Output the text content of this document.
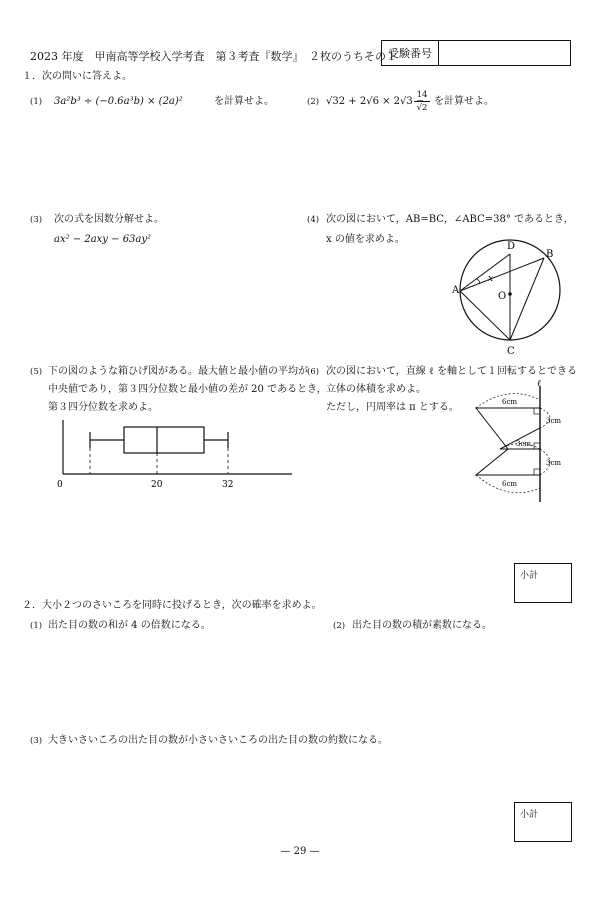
2023 年度　甲南高等学校入学考査　第３考査『数学』　２枚のうちその１
受験番号
１．次の問いに答えよ。
(1) 3a²b³ ÷ (−0.6a³b) × (2a)²	を計算せよ。	(2) √32 + 2√6 × 2√3 −
$\frac{14}{√2}$ を計算せよ。
(3) 次の式を因数分解せよ。
ax² − 2axy − 63ay²
(4) 次の図において，AB=BC，∠ABC=38° であるとき，
x の値を求めよ。
x
A
B
C
D
O
(5) 下の図のような箱ひげ図がある。最大値と最小値の平均が
中央値であり，第３四分位数と最小値の差が 20 であるとき，
第３四分位数を求めよ。
0	20	32
(6) 次の図において，直線 ℓ を軸として１回転するとできる
立体の体積を求めよ。
ただし，円周率は π とする。
ℓ
6cm
3cm
3cm
3cm
6cm
小計
２．大小２つのさいころを同時に投げるとき，次の確率を求めよ。
(1) 出た目の数の和が 4 の倍数になる。	(2) 出た目の数の積が素数になる。
(3) 大きいさいころの出た目の数が小さいさいころの出た目の数の約数になる。
小計
— 29 —
